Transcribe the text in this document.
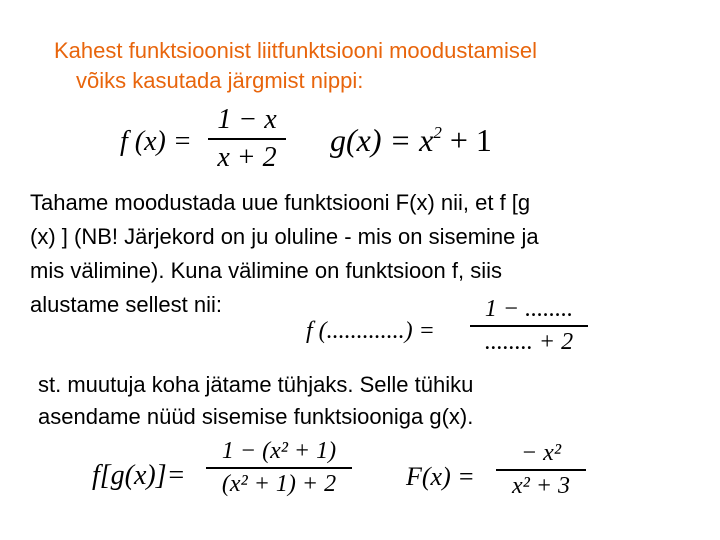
Kahest funktsioonist liitfunktsiooni moodustamisel
võiks kasutada järgmist nippi:
f (x) =
1 − x
x + 2 $g(x) = x^2 + 1$
Tahame moodustada uue funktsiooni F(x) nii, et f [g
(x) ] (NB! Järjekord on ju oluline - mis on sisemine ja
mis välimine). Kuna välimine on funktsioon f, siis
alustame sellest nii:
f (.............) =
1 − ........
........ + 2
st. muutuja koha jätame tühjaks. Selle tühiku
asendame nüüd sisemise funktsiooniga g(x).
f[g(x)]=
1 − (x² + 1)
(x² + 1) + 2	F(x) =
− x²
x² + 3
